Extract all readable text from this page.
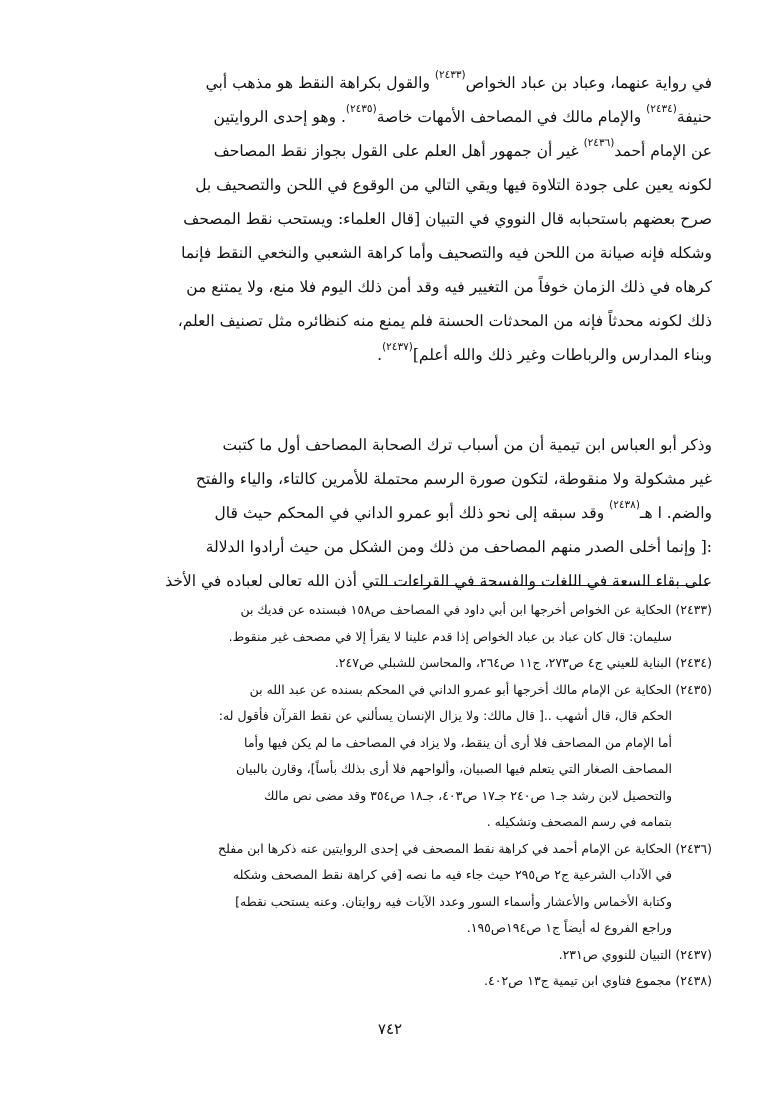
في رواية عنهما، وعباد بن عباد الخواص$^{(٢٤٣٣)}$ والقول بكراهة النقط هو مذهب أبي
حنيفة$^{(٢٤٣٤)}$ والإمام مالك في المصاحف الأمهات خاصة$^{(٢٤٣٥)}$. وهو إحدى الروايتين
عن الإمام أحمد$^{(٢٤٣٦)}$ غير أن جمهور أهل العلم على القول بجواز نقط المصاحف
لكونه يعين على جودة التلاوة فيها ويقي التالي من الوقوع في اللحن والتصحيف بل
صرح بعضهم باستحبابه قال النووي في التبيان [قال العلماء: ويستحب نقط المصحف
وشكله فإنه صيانة من اللحن فيه والتصحيف وأما كراهة الشعبي والنخعي النقط فإنما
كرهاه في ذلك الزمان خوفاً من التغيير فيه وقد أمن ذلك اليوم فلا منع، ولا يمتنع من
ذلك لكونه محدثاً فإنه من المحدثات الحسنة فلم يمنع منه كنظائره مثل تصنيف العلم،
وبناء المدارس والرباطات وغير ذلك والله أعلم]$^{(٢٤٣٧)}$.
وذكر أبو العباس ابن تيمية أن من أسباب ترك الصحابة المصاحف أول ما كتبت
غير مشكولة ولا منقوطة، لتكون صورة الرسم محتملة للأمرين كالتاء، والياء والفتح
والضم. ا هـ$^{(٢٤٣٨)}$ وقد سبقه إلى نحو ذلك أبو عمرو الداني في المحكم حيث قال
:[ وإنما أخلى الصدر منهم المصاحف من ذلك ومن الشكل من حيث أرادوا الدلالة
على بقاء السعة في اللغات والفسحة في القراءات التي أذن الله تعالى لعباده في الأخذ
(٢٤٣٣) الحكاية عن الخواص أخرجها ابن أبي داود في المصاحف ص١٥٨ فبسنده عن فديك بن
سليمان: قال كان عباد بن عباد الخواص إذا قدم علينا لا يقرأ إلا في مصحف غير منقوط.
(٢٤٣٤) البناية للعيني ج٤ ص٢٧٣، ج١١ ص٢٦٤، والمحاسن للشبلي ص٢٤٧.
(٢٤٣٥) الحكاية عن الإمام مالك أخرجها أبو عمرو الداني في المحكم بسنده عن عبد الله بن
الحكم قال، قال أشهب ..[ قال مالك: ولا يزال الإنسان يسألني عن نقط القرآن فأقول له:
أما الإمام من المصاحف فلا أرى أن ينقط، ولا يزاد في المصاحف ما لم يكن فيها وأما
المصاحف الصغار التي يتعلم فيها الصبيان، وألواحهم فلا أرى بذلك بأساً]، وقارن بالبيان
والتحصيل لابن رشد جـ١ ص٢٤٠ جـ١٧ ص٤٠٣، جـ١٨ ص٣٥٤ وقد مضى نص مالك
بتمامه في رسم المصحف وتشكيله .
(٢٤٣٦) الحكاية عن الإمام أحمد في كراهة نقط المصحف في إحدى الروايتين عنه ذكرها ابن مفلح
في الآداب الشرعية ج٢ ص٢٩٥ حيث جاء فيه ما نصه [في كراهة نقط المصحف وشكله
وكتابة الأخماس والأعشار وأسماء السور وعدد الآيات فيه روايتان. وعنه يستحب نقطه]
وراجع الفروع له أيضاً ج١ ص١٩٤ص١٩٥.
(٢٤٣٧) التبيان للنووي ص٢٣١.
(٢٤٣٨) مجموع فتاوي ابن تيمية ج١٣ ص٤٠٢.
٧٤٢
